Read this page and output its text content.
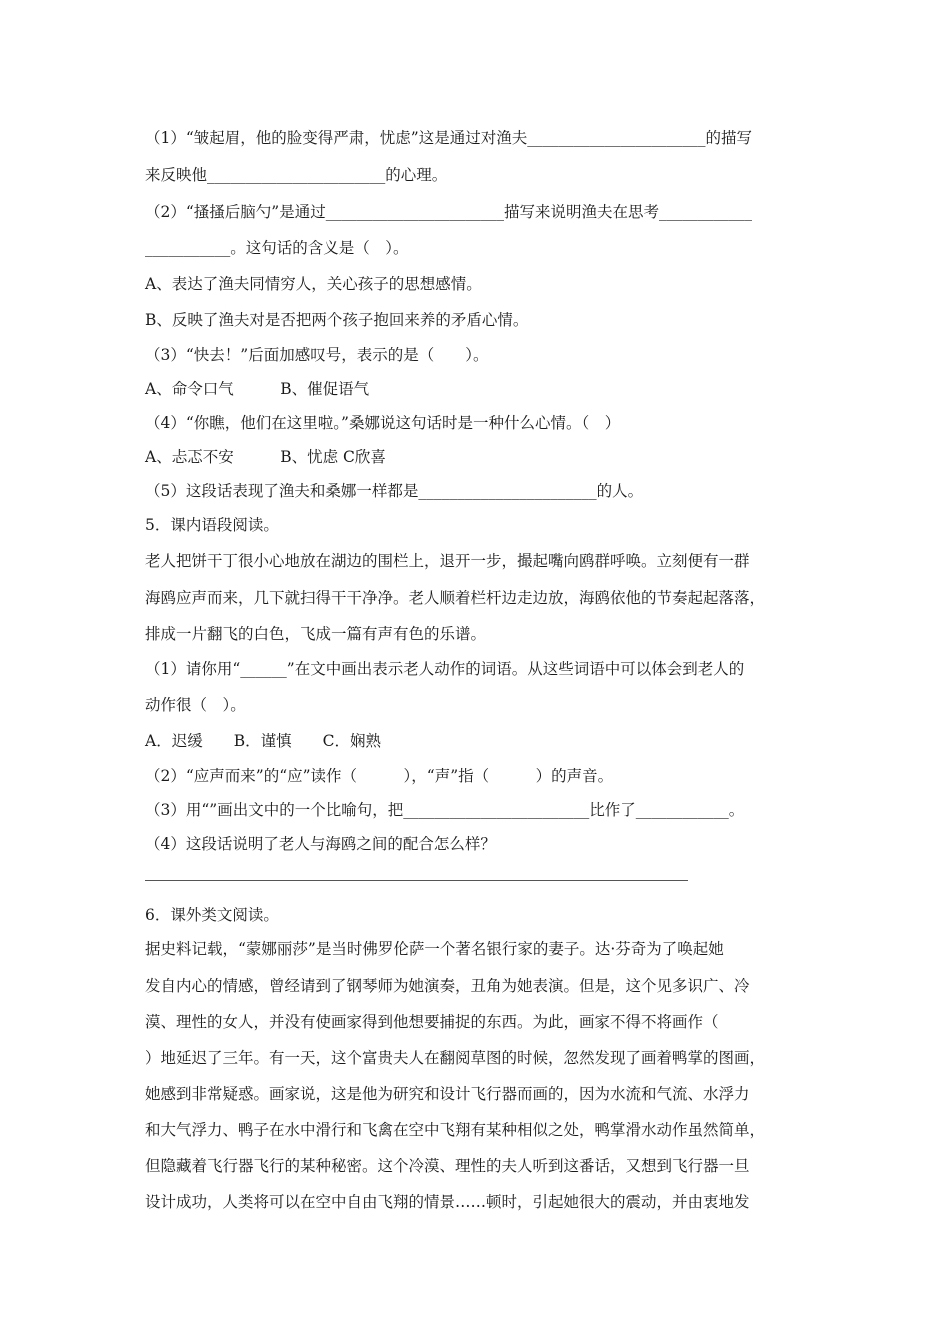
（1）“皱起眉，他的脸变得严肃，忧虑”这是通过对渔夫_______________________的描写
来反映他_______________________的心理。
（2）“搔搔后脑勺”是通过_______________________描写来说明渔夫在思考____________
___________。这句话的含义是（　）。
A、表达了渔夫同情穷人，关心孩子的思想感情。
B、反映了渔夫对是否把两个孩子抱回来养的矛盾心情。
（3）“快去！”后面加感叹号，表示的是（　　）。
A、命令口气　　　B、催促语气
（4）“你瞧，他们在这里啦。”桑娜说这句话时是一种什么心情。（　）
A、忐忑不安　　　B、忧虑 C欣喜
（5）这段话表现了渔夫和桑娜一样都是_______________________的人。
5．课内语段阅读。
老人把饼干丁很小心地放在湖边的围栏上，退开一步，撮起嘴向鸥群呼唤。立刻便有一群
海鸥应声而来，几下就扫得干干净净。老人顺着栏杆边走边放，海鸥依他的节奏起起落落，
排成一片翻飞的白色，飞成一篇有声有色的乐谱。
（1）请你用“______”在文中画出表示老人动作的词语。从这些词语中可以体会到老人的
动作很（　）。
A．迟缓　　B．谨慎　　C．娴熟
（2）“应声而来”的“应”读作（　　　），“声”指（　　　）的声音。
（3）用“”画出文中的一个比喻句，把________________________比作了____________。
（4）这段话说明了老人与海鸥之间的配合怎么样？
6．课外类文阅读。
据史料记载，“蒙娜丽莎”是当时佛罗伦萨一个著名银行家的妻子。达·芬奇为了唤起她
发自内心的情感，曾经请到了钢琴师为她演奏，丑角为她表演。但是，这个见多识广、冷
漠、理性的女人，并没有使画家得到他想要捕捉的东西。为此，画家不得不将画作（
）地延迟了三年。有一天，这个富贵夫人在翻阅草图的时候，忽然发现了画着鸭掌的图画，
她感到非常疑惑。画家说，这是他为研究和设计飞行器而画的，因为水流和气流、水浮力
和大气浮力、鸭子在水中滑行和飞禽在空中飞翔有某种相似之处，鸭掌滑水动作虽然简单，
但隐藏着飞行器飞行的某种秘密。这个冷漠、理性的夫人听到这番话，又想到飞行器一旦
设计成功，人类将可以在空中自由飞翔的情景……顿时，引起她很大的震动，并由衷地发
